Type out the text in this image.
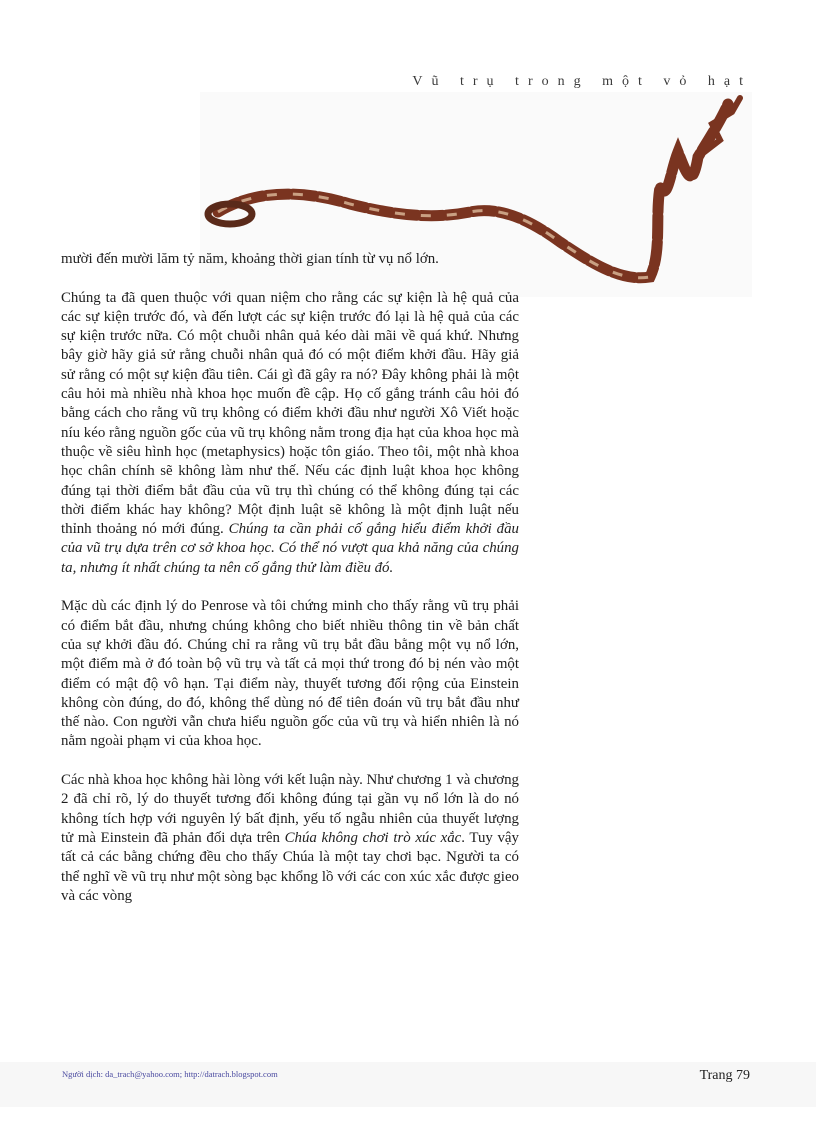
Vũ trụ trong một vỏ hạt

mười đến mười lăm tỷ năm, khoảng thời gian tính từ vụ nổ lớn.

Chúng ta đã quen thuộc với quan niệm cho rằng các sự kiện là hệ quả của các sự kiện trước đó, và đến lượt các sự kiện trước đó lại là hệ quả của các sự kiện trước nữa. Có một chuỗi nhân quả kéo dài mãi về quá khứ. Nhưng bây giờ hãy giả sử rằng chuỗi nhân quả đó có một điểm khởi đầu. Hãy giả sử rằng có một sự kiện đầu tiên. Cái gì đã gây ra nó? Đây không phải là một câu hỏi mà nhiều nhà khoa học muốn đề cập. Họ cố gắng tránh câu hỏi đó bằng cách cho rằng vũ trụ không có điểm khởi đầu như người Xô Viết hoặc níu kéo rằng nguồn gốc của vũ trụ không nằm trong địa hạt của khoa học mà thuộc về siêu hình học (metaphysics) hoặc tôn giáo. Theo tôi, một nhà khoa học chân chính sẽ không làm như thế. Nếu các định luật khoa học không đúng tại thời điểm bắt đầu của vũ trụ thì chúng có thể không đúng tại các thời điểm khác hay không? Một định luật sẽ không là một định luật nếu thỉnh thoảng nó mới đúng. Chúng ta cần phải cố gắng hiểu điểm khởi đầu của vũ trụ dựa trên cơ sở khoa học. Có thể nó vượt qua khả năng của chúng ta, nhưng ít nhất chúng ta nên cố gắng thử làm điều đó.

Mặc dù các định lý do Penrose và tôi chứng minh cho thấy rằng vũ trụ phải có điểm bắt đầu, nhưng chúng không cho biết nhiều thông tin về bản chất của sự khởi đầu đó. Chúng chỉ ra rằng vũ trụ bắt đầu bằng một vụ nổ lớn, một điểm mà ở đó toàn bộ vũ trụ và tất cả mọi thứ trong đó bị nén vào một điểm có mật độ vô hạn. Tại điểm này, thuyết tương đối rộng của Einstein không còn đúng, do đó, không thể dùng nó để tiên đoán vũ trụ bắt đầu như thế nào. Con người vẫn chưa hiểu nguồn gốc của vũ trụ và hiển nhiên là nó nằm ngoài phạm vi của khoa học.

Các nhà khoa học không hài lòng với kết luận này. Như chương 1 và chương 2 đã chỉ rõ, lý do thuyết tương đối không đúng tại gần vụ nổ lớn là do nó không tích hợp với nguyên lý bất định, yếu tố ngẫu nhiên của thuyết lượng tử mà Einstein đã phản đối dựa trên Chúa không chơi trò xúc xắc. Tuy vậy tất cả các bằng chứng đều cho thấy Chúa là một tay chơi bạc. Người ta có thể nghĩ về vũ trụ như một sòng bạc khổng lồ với các con xúc xắc được gieo và các vòng

Người dịch: da_trach@yahoo.com; http://datrach.blogspot.com	Trang 79
